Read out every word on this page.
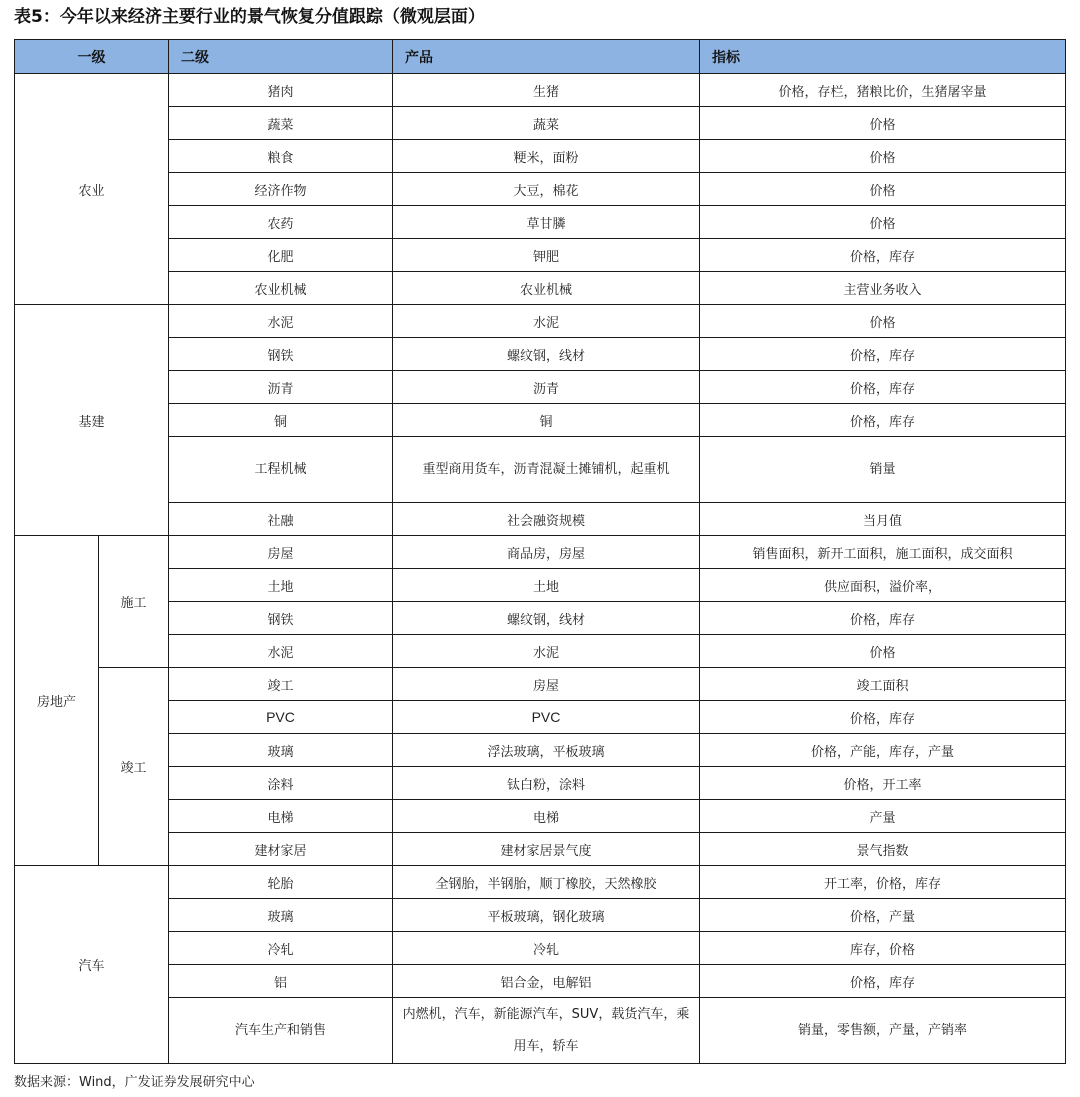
表5：今年以来经济主要行业的景气恢复分值跟踪（微观层面）
一级		二级	产品	指标
农业		猪肉	生猪	价格，存栏，猪粮比价，生猪屠宰量
		蔬菜	蔬菜	价格
		粮食	粳米，面粉	价格
		经济作物	大豆，棉花	价格
		农药	草甘膦	价格
		化肥	钾肥	价格，库存
		农业机械	农业机械	主营业务收入
基建		水泥	水泥	价格
		钢铁	螺纹钢，线材	价格，库存
		沥青	沥青	价格，库存
		铜	铜	价格，库存
		工程机械	重型商用货车，沥青混凝土摊铺机，起重机	销量
		社融	社会融资规模	当月值
房地产	施工	房屋	商品房，房屋	销售面积，新开工面积，施工面积，成交面积
		土地	土地	供应面积，溢价率，
		钢铁	螺纹钢，线材	价格，库存
		水泥	水泥	价格
	竣工	竣工	房屋	竣工面积
		PVC	PVC	价格，库存
		玻璃	浮法玻璃，平板玻璃	价格，产能，库存，产量
		涂料	钛白粉，涂料	价格，开工率
		电梯	电梯	产量
		建材家居	建材家居景气度	景气指数
汽车		轮胎	全钢胎，半钢胎，顺丁橡胶，天然橡胶	开工率，价格，库存
		玻璃	平板玻璃，钢化玻璃	价格，产量
		冷轧	冷轧	库存，价格
		铝	铝合金，电解铝	价格，库存
		汽车生产和销售	内燃机，汽车，新能源汽车，SUV，载货汽车，乘用车，轿车	销量，零售额，产量，产销率
数据来源：Wind，广发证券发展研究中心
